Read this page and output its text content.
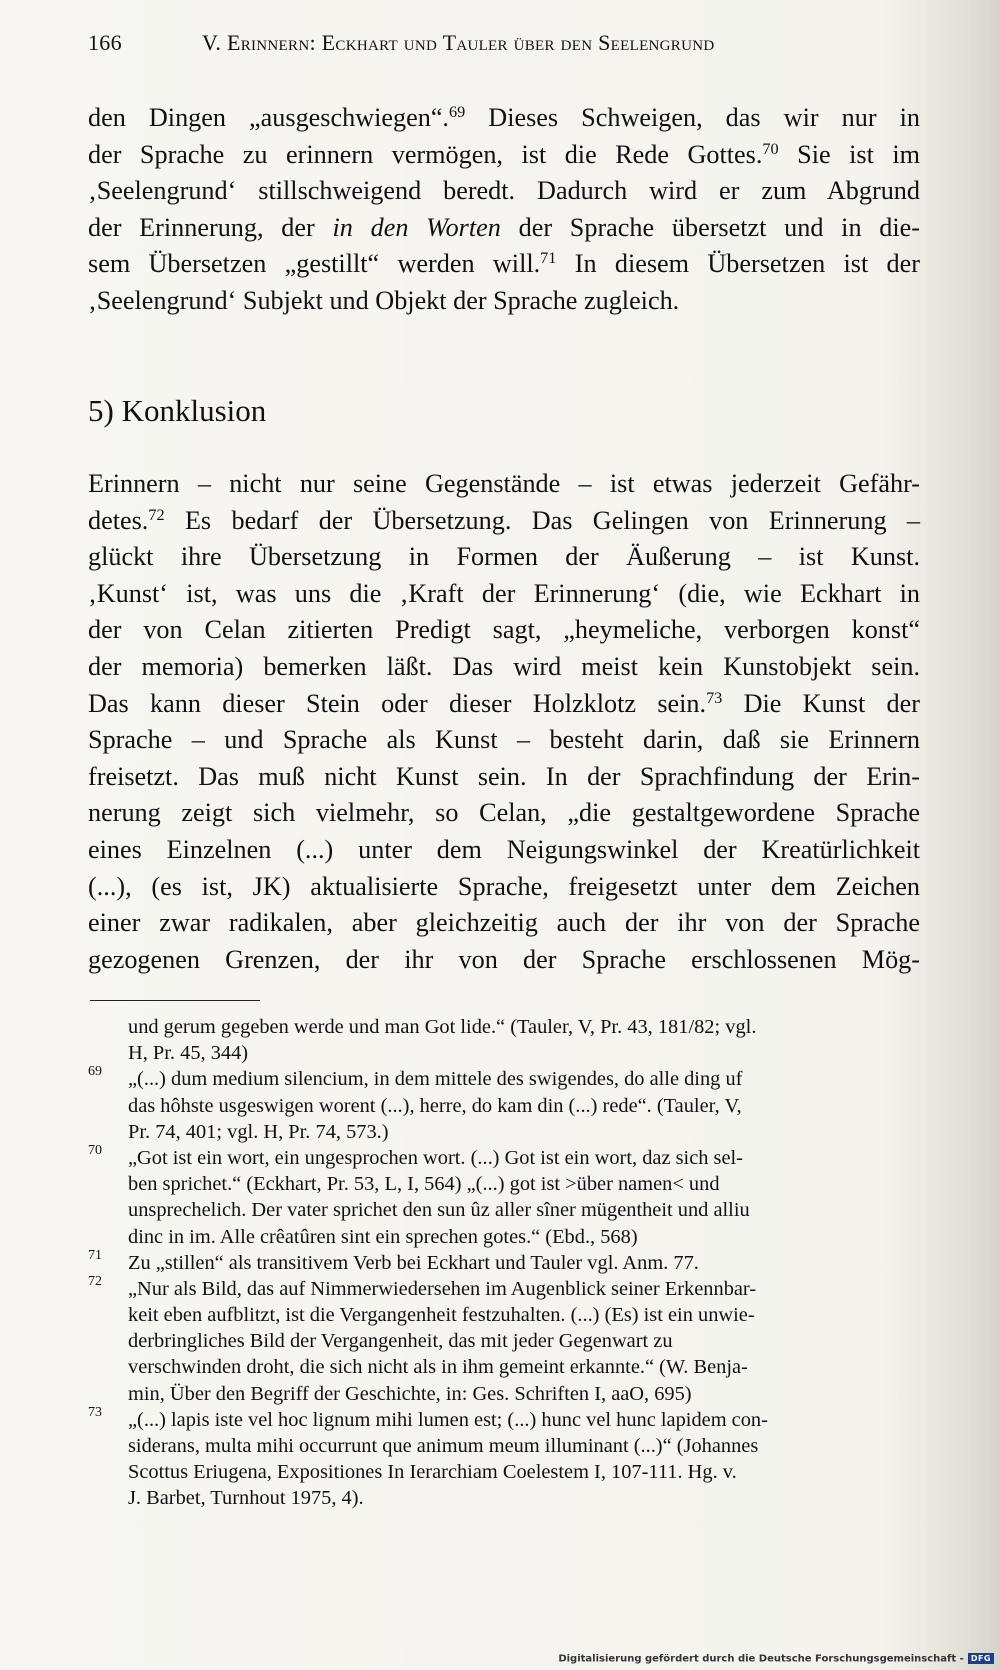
166	V. Erinnern: Eckhart und Tauler über den Seelengrund
den Dingen „ausgeschwiegen“.$^{69}$ Dieses Schweigen, das wir nur in
der Sprache zu erinnern vermögen, ist die Rede Gottes.$^{70}$ Sie ist im
‚Seelengrund‘ stillschweigend beredt. Dadurch wird er zum Abgrund
der Erinnerung, der in den Worten der Sprache übersetzt und in die-
sem Übersetzen „gestillt“ werden will.$^{71}$ In diesem Übersetzen ist der
‚Seelengrund‘ Subjekt und Objekt der Sprache zugleich.
5) Konklusion
Erinnern – nicht nur seine Gegenstände – ist etwas jederzeit Gefähr-
detes.$^{72}$ Es bedarf der Übersetzung. Das Gelingen von Erinnerung –
glückt ihre Übersetzung in Formen der Äußerung – ist Kunst.
‚Kunst‘ ist, was uns die ‚Kraft der Erinnerung‘ (die, wie Eckhart in
der von Celan zitierten Predigt sagt, „heymeliche, verborgen konst“
der memoria) bemerken läßt. Das wird meist kein Kunstobjekt sein.
Das kann dieser Stein oder dieser Holzklotz sein.$^{73}$ Die Kunst der
Sprache – und Sprache als Kunst – besteht darin, daß sie Erinnern
freisetzt. Das muß nicht Kunst sein. In der Sprachfindung der Erin-
nerung zeigt sich vielmehr, so Celan, „die gestaltgewordene Sprache
eines Einzelnen (...) unter dem Neigungswinkel der Kreatürlichkeit
(...), (es ist, JK) aktualisierte Sprache, freigesetzt unter dem Zeichen
einer zwar radikalen, aber gleichzeitig auch der ihr von der Sprache
gezogenen Grenzen, der ihr von der Sprache erschlossenen Mög-
und gerum gegeben werde und man Got lide.“ (Tauler, V, Pr. 43, 181/82; vgl.
H, Pr. 45, 344)
69 „(...) dum medium silencium, in dem mittele des swigendes, do alle ding uf
das hôhste usgeswigen worent (...), herre, do kam din (...) rede“. (Tauler, V,
Pr. 74, 401; vgl. H, Pr. 74, 573.)
70 „Got ist ein wort, ein ungesprochen wort. (...) Got ist ein wort, daz sich sel-
ben sprichet.“ (Eckhart, Pr. 53, L, I, 564) „(...) got ist >über namen< und
unsprechelich. Der vater sprichet den sun ûz aller sîner mügentheit und alliu
dinc in im. Alle crêatûren sint ein sprechen gotes.“ (Ebd., 568)
71 Zu „stillen“ als transitivem Verb bei Eckhart und Tauler vgl. Anm. 77.
72 „Nur als Bild, das auf Nimmerwiedersehen im Augenblick seiner Erkennbar-
keit eben aufblitzt, ist die Vergangenheit festzuhalten. (...) (Es) ist ein unwie-
derbringliches Bild der Vergangenheit, das mit jeder Gegenwart zu
verschwinden droht, die sich nicht als in ihm gemeint erkannte.“ (W. Benja-
min, Über den Begriff der Geschichte, in: Ges. Schriften I, aaO, 695)
73 „(...) lapis iste vel hoc lignum mihi lumen est; (...) hunc vel hunc lapidem con-
siderans, multa mihi occurrunt que animum meum illuminant (...)“ (Johannes
Scottus Eriugena, Expositiones In Ierarchiam Coelestem I, 107-111. Hg. v.
J. Barbet, Turnhout 1975, 4).
Digitalisierung gefördert durch die Deutsche Forschungsgemeinschaft - DFG
